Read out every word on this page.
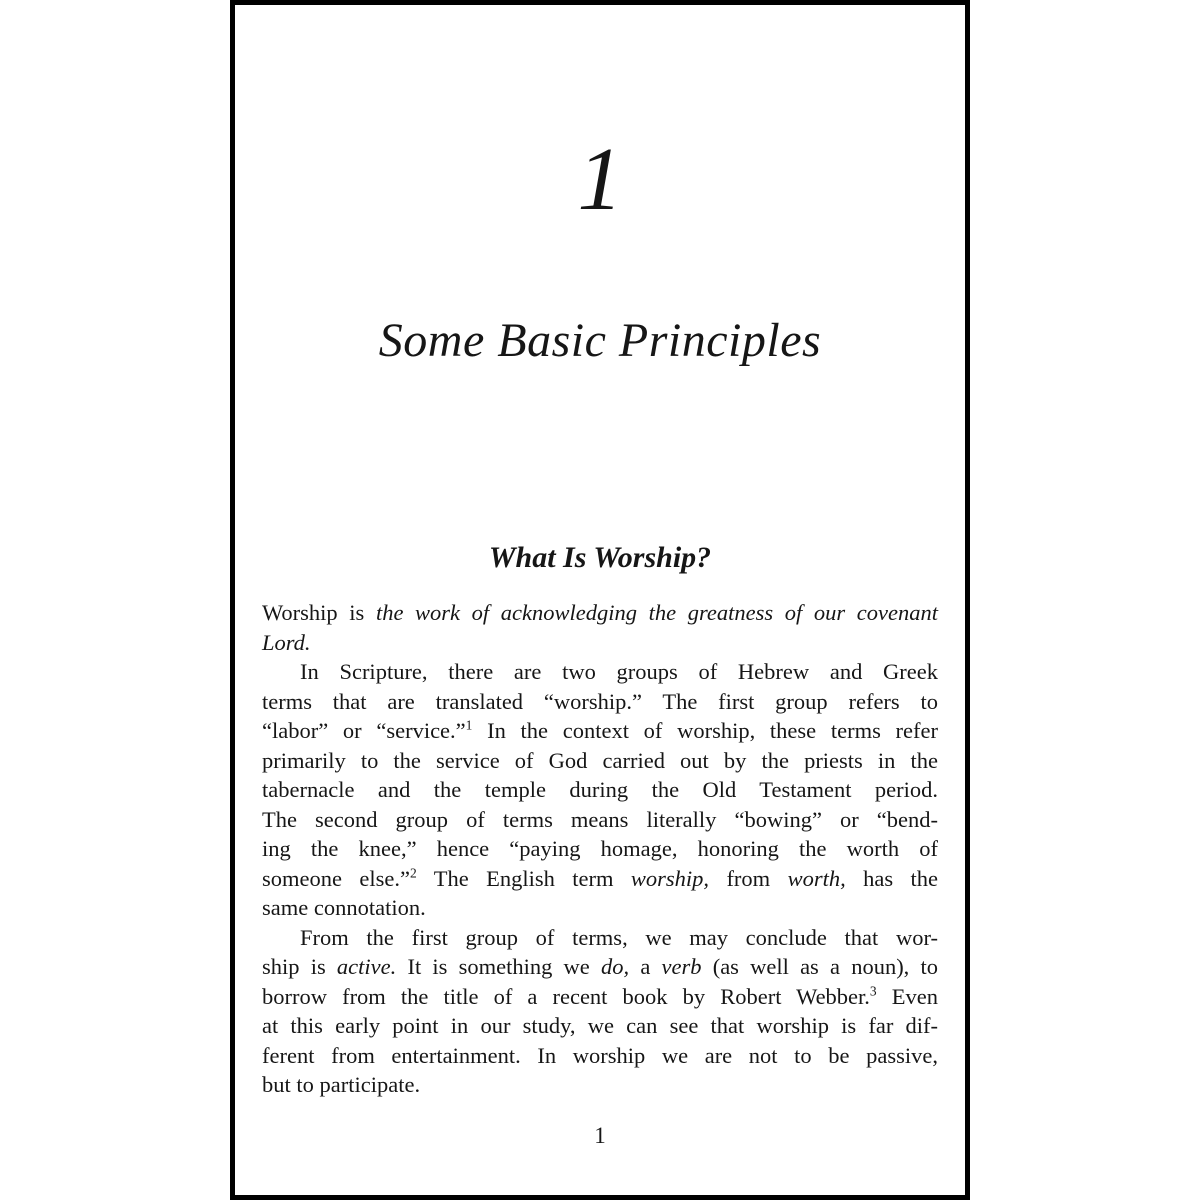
1
Some Basic Principles
What Is Worship?
Worship is the work of acknowledging the greatness of our covenant
Lord.
In Scripture, there are two groups of Hebrew and Greek
terms that are translated “worship.” The first group refers to
“labor” or “service.”$^1$ In the context of worship, these terms refer
primarily to the service of God carried out by the priests in the
tabernacle and the temple during the Old Testament period.
The second group of terms means literally “bowing” or “bend-
ing the knee,” hence “paying homage, honoring the worth of
someone else.”$^2$ The English term worship, from worth, has the
same connotation.
From the first group of terms, we may conclude that wor-
ship is active. It is something we do, a verb (as well as a noun), to
borrow from the title of a recent book by Robert Webber.$^3$ Even
at this early point in our study, we can see that worship is far dif-
ferent from entertainment. In worship we are not to be passive,
but to participate.
1
